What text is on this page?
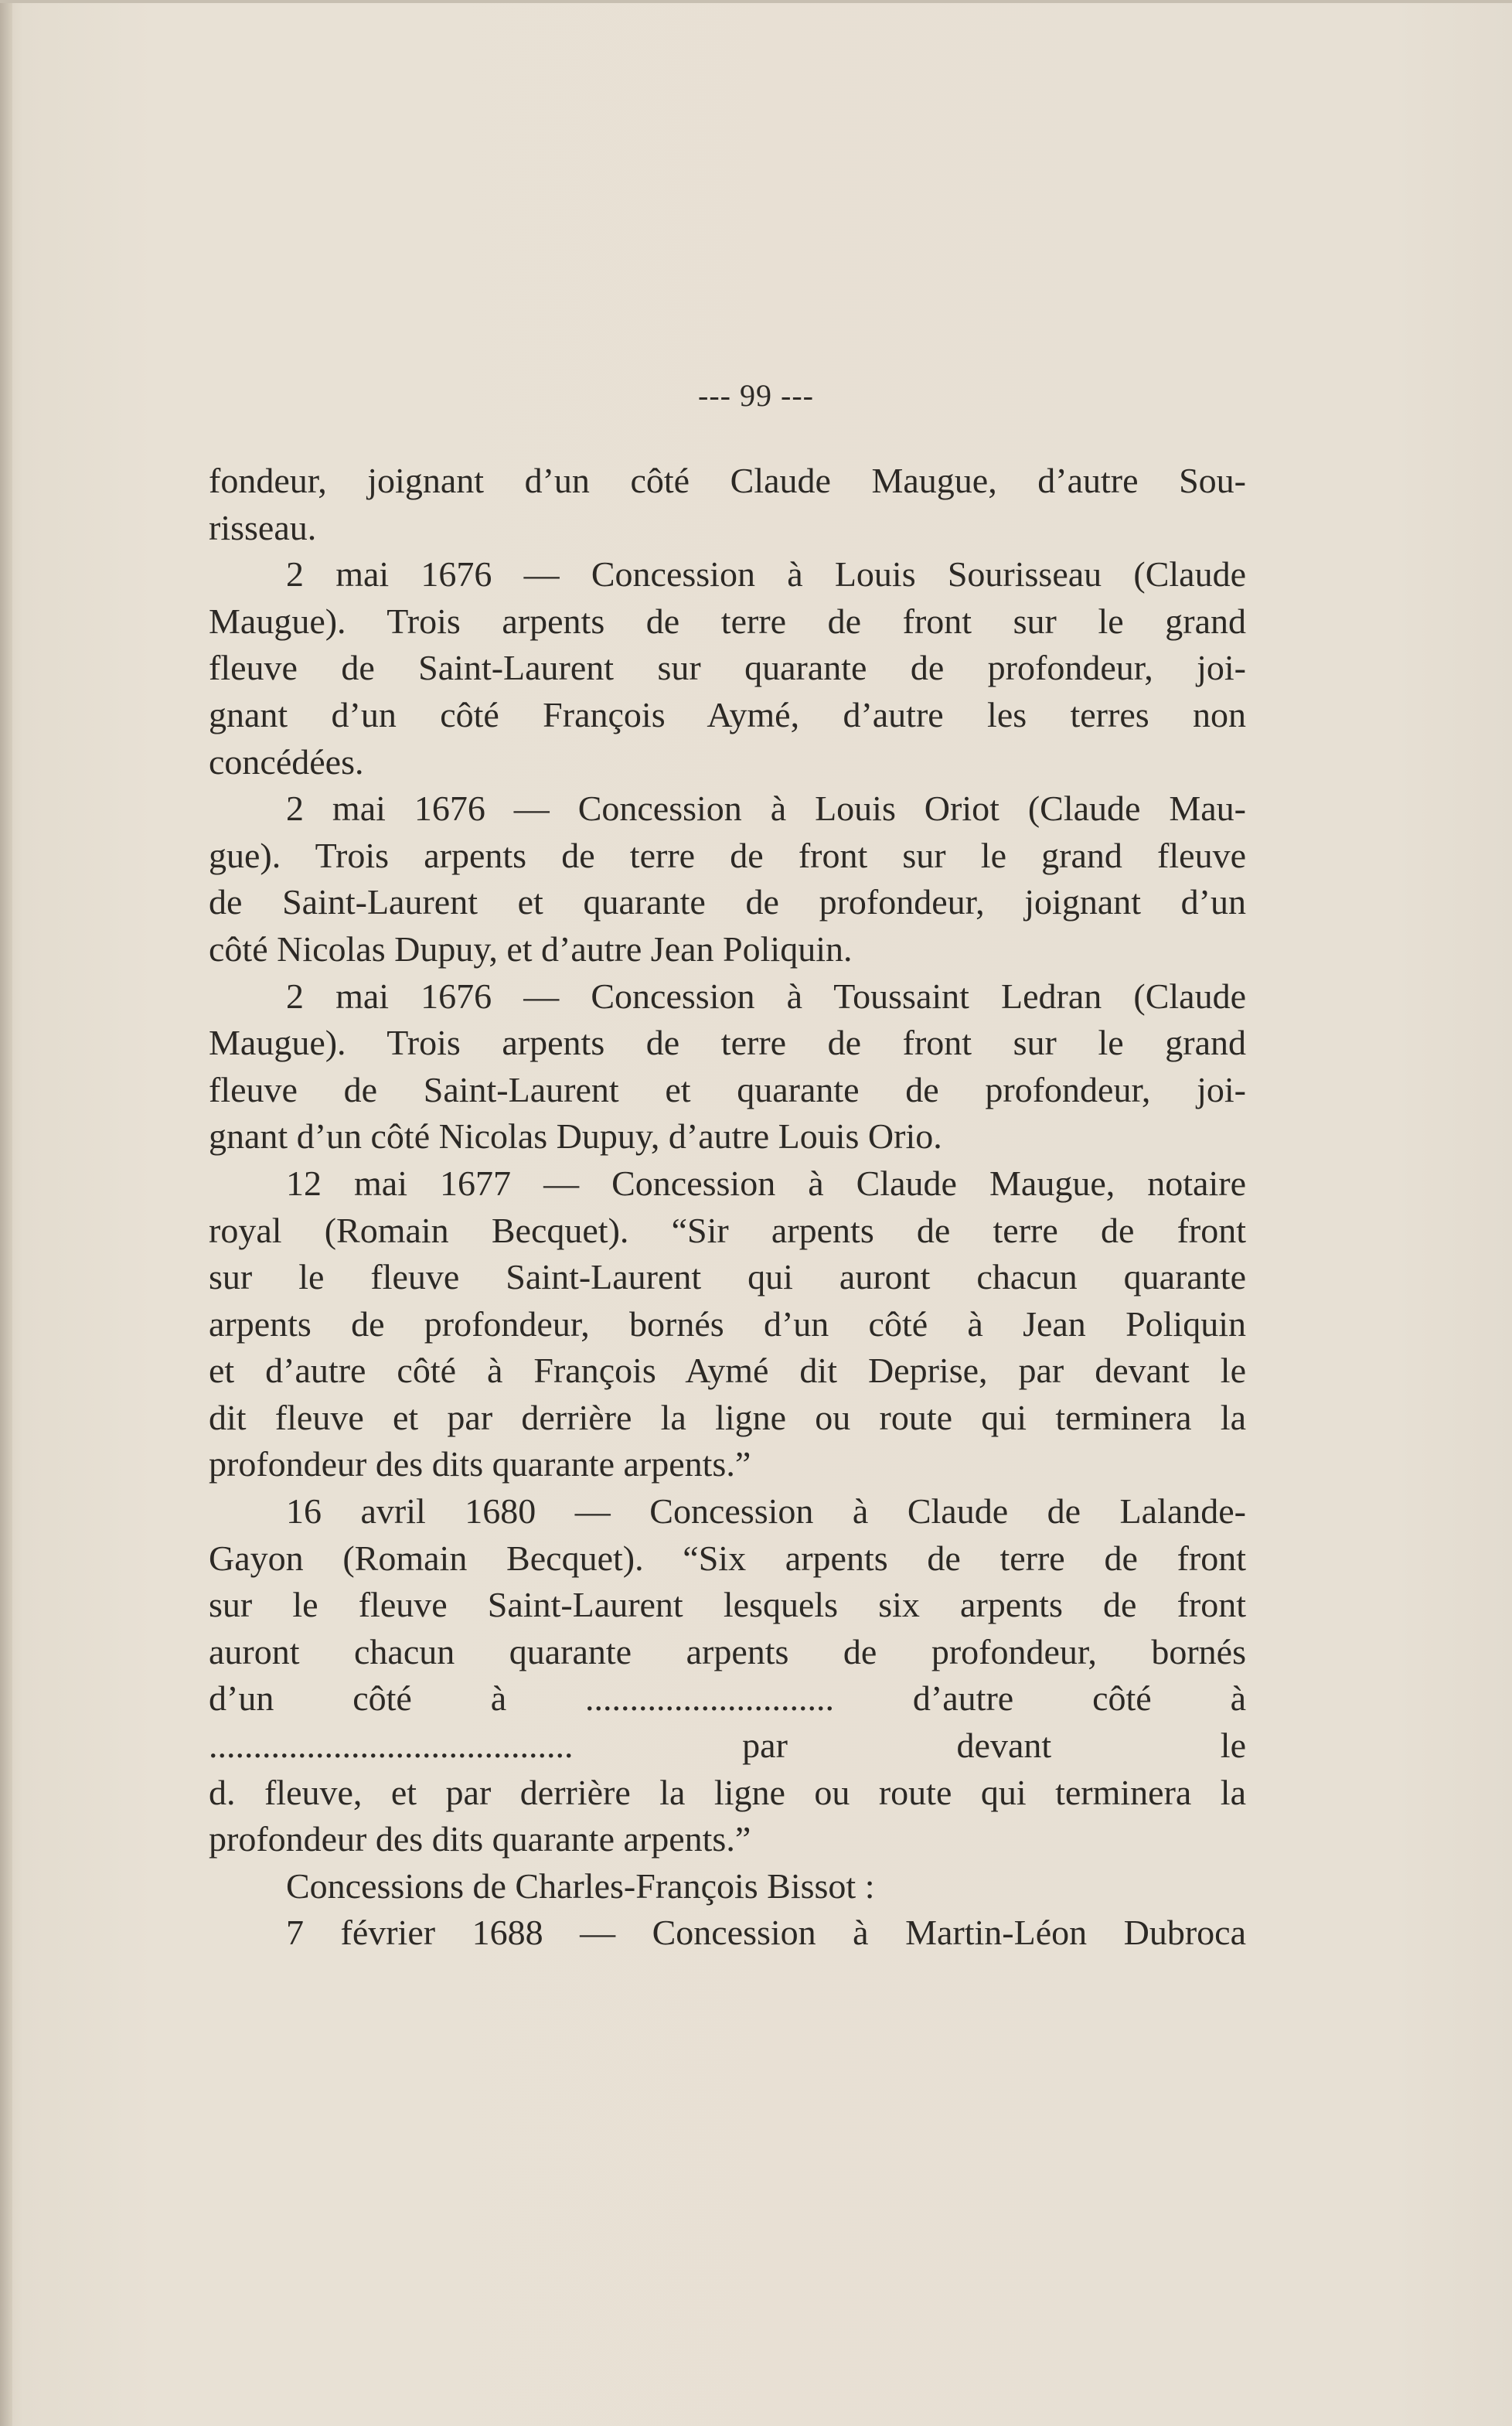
--- 99 ---

fondeur, joignant d’un côté Claude Maugue, d’autre Sou-

risseau.

2 mai 1676 — Concession à Louis Sourisseau (Claude

Maugue). Trois arpents de terre de front sur le grand

fleuve de Saint-Laurent sur quarante de profondeur, joi-

gnant d’un côté François Aymé, d’autre les terres non

concédées.

2 mai 1676 — Concession à Louis Oriot (Claude Mau-

gue). Trois arpents de terre de front sur le grand fleuve

de Saint-Laurent et quarante de profondeur, joignant d’un

côté Nicolas Dupuy, et d’autre Jean Poliquin.

2 mai 1676 — Concession à Toussaint Ledran (Claude

Maugue). Trois arpents de terre de front sur le grand

fleuve de Saint-Laurent et quarante de profondeur, joi-

gnant d’un côté Nicolas Dupuy, d’autre Louis Orio.

12 mai 1677 — Concession à Claude Maugue, notaire

royal (Romain Becquet). “Sir arpents de terre de front

sur le fleuve Saint-Laurent qui auront chacun quarante

arpents de profondeur, bornés d’un côté à Jean Poliquin

et d’autre côté à François Aymé dit Deprise, par devant le

dit fleuve et par derrière la ligne ou route qui terminera la

profondeur des dits quarante arpents.”

16 avril 1680 — Concession à Claude de Lalande-

Gayon (Romain Becquet). “Six arpents de terre de front

sur le fleuve Saint-Laurent lesquels six arpents de front

auront chacun quarante arpents de profondeur, bornés

d’un côté à ............................ d’autre côté à

......................................... par devant le

d. fleuve, et par derrière la ligne ou route qui terminera la

profondeur des dits quarante arpents.”

Concessions de Charles-François Bissot :

7 février 1688 — Concession à Martin-Léon Dubroca
